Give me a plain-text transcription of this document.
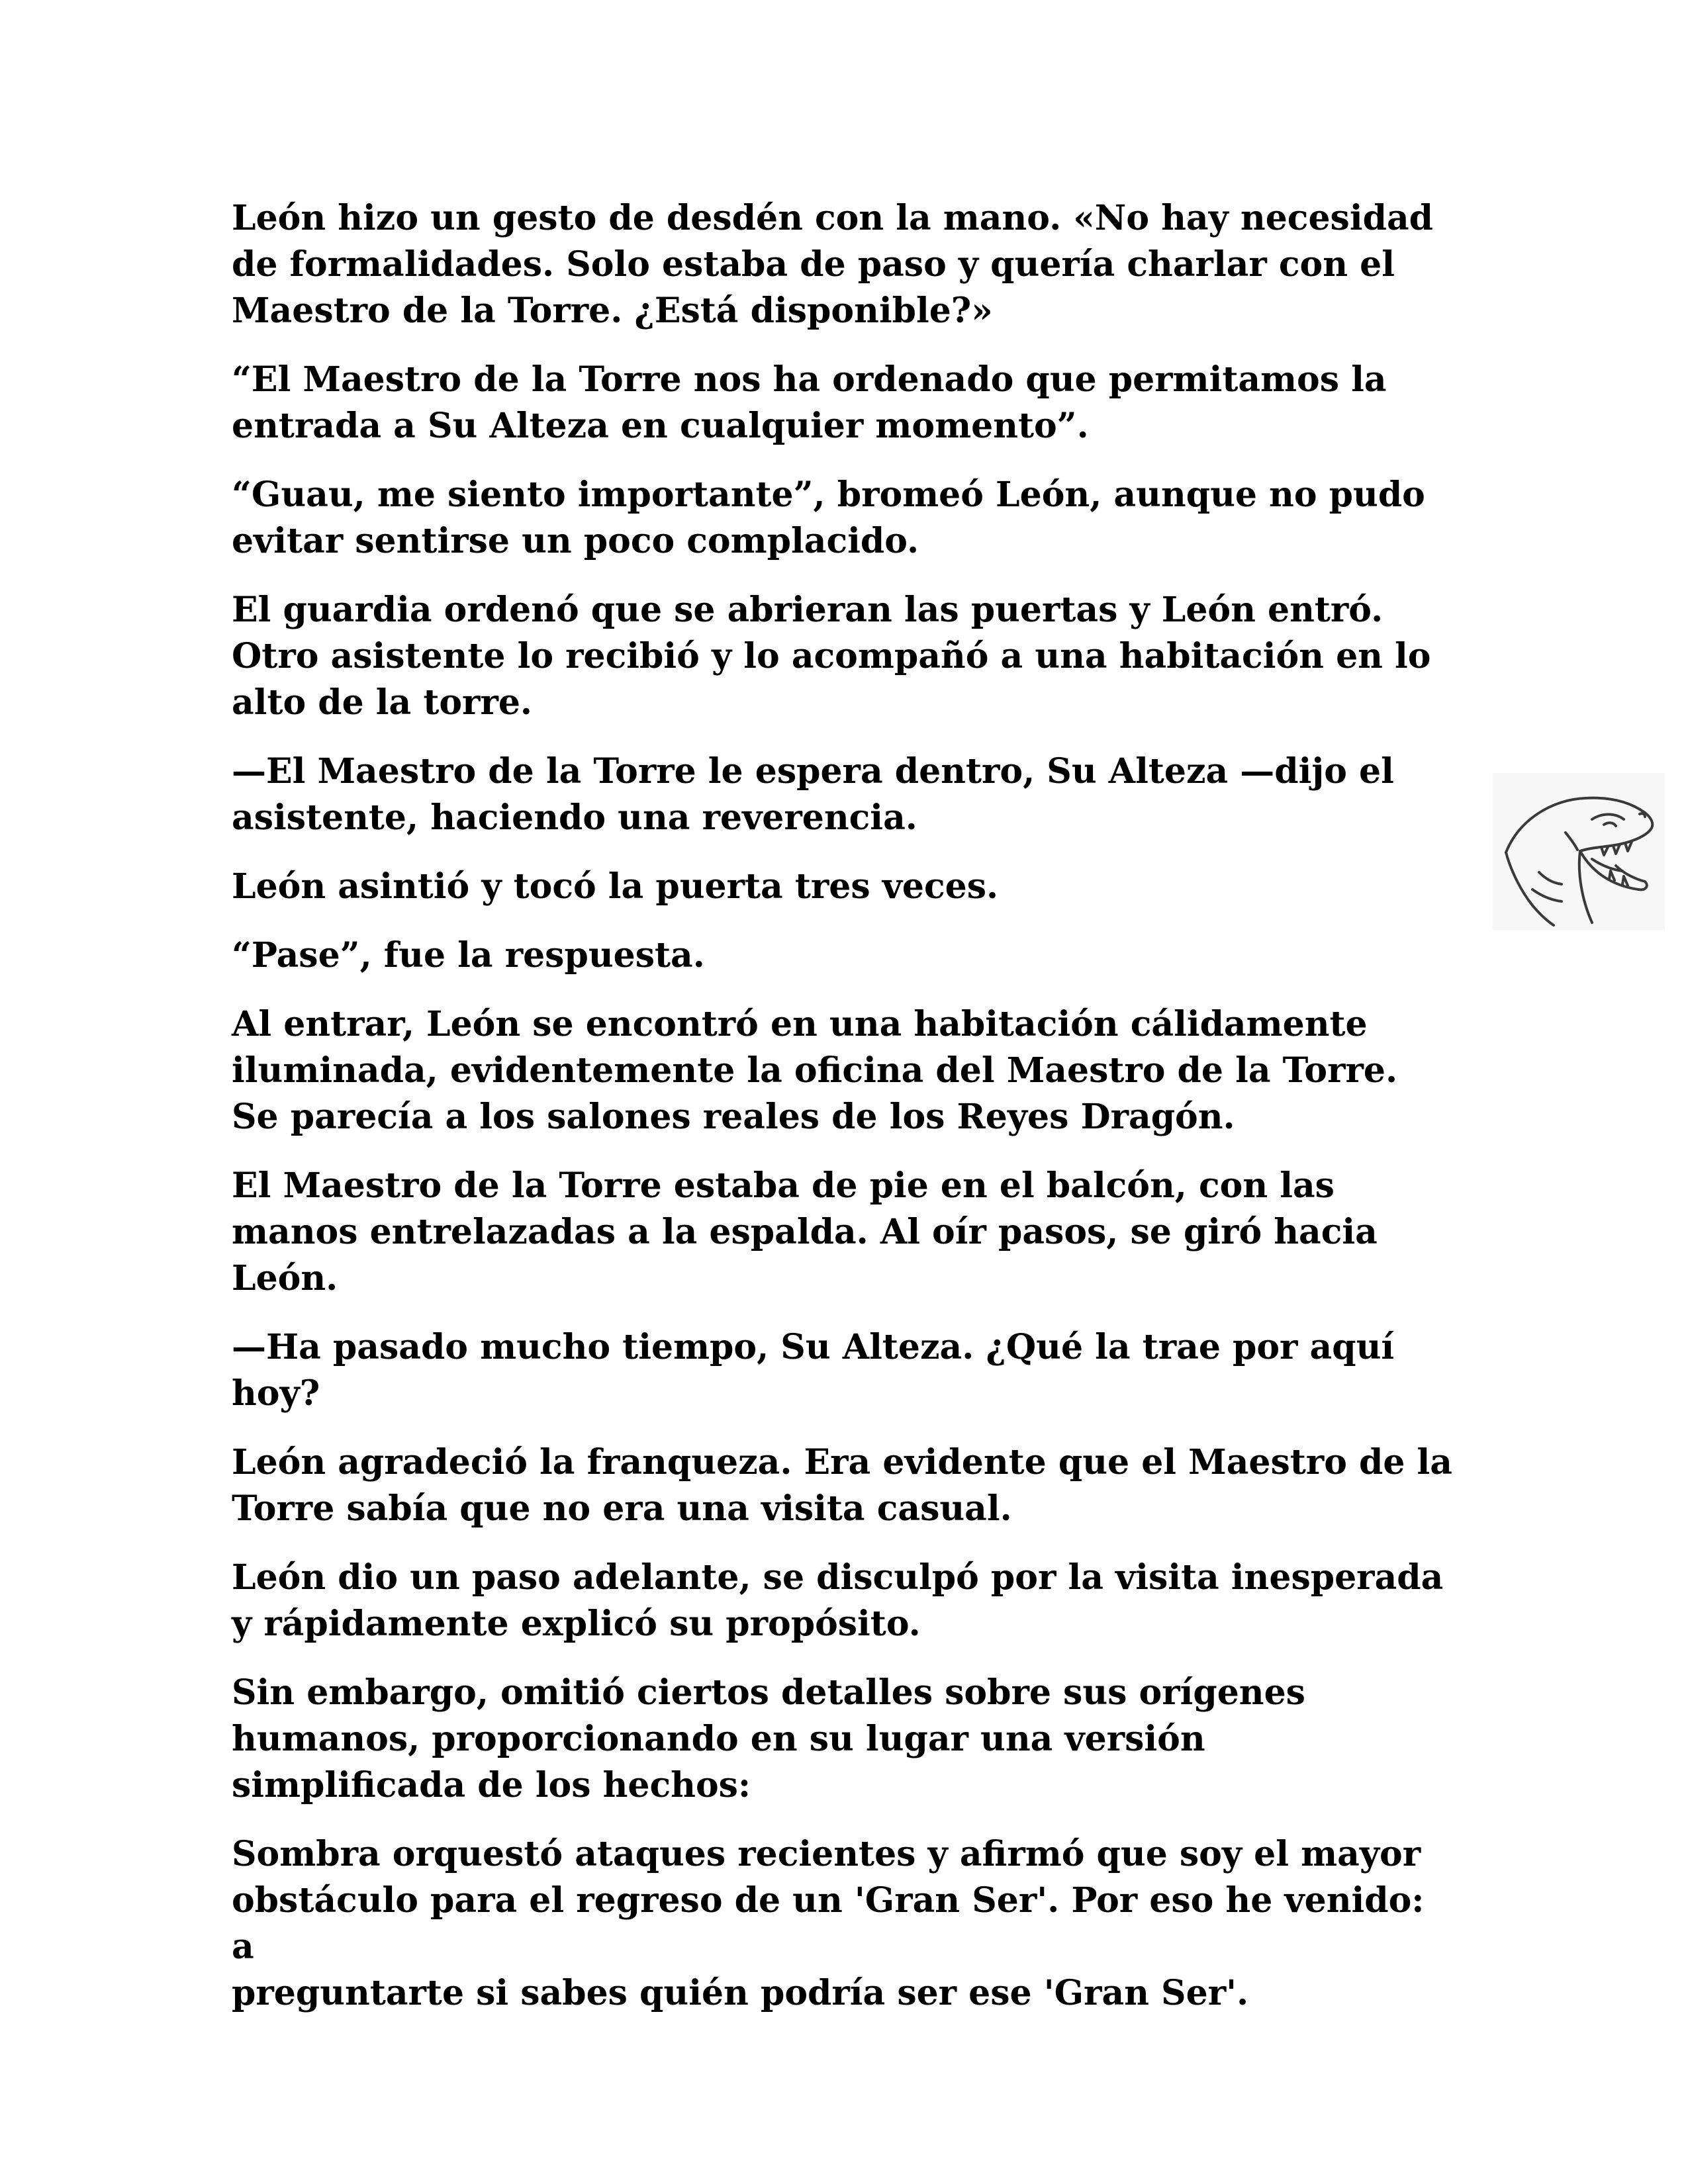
León hizo un gesto de desdén con la mano. «No hay necesidad
de formalidades. Solo estaba de paso y quería charlar con el
Maestro de la Torre. ¿Está disponible?»

“El Maestro de la Torre nos ha ordenado que permitamos la
entrada a Su Alteza en cualquier momento”.

“Guau, me siento importante”, bromeó León, aunque no pudo
evitar sentirse un poco complacido.

El guardia ordenó que se abrieran las puertas y León entró.
Otro asistente lo recibió y lo acompañó a una habitación en lo
alto de la torre.

—El Maestro de la Torre le espera dentro, Su Alteza —dijo el
asistente, haciendo una reverencia.

León asintió y tocó la puerta tres veces.

“Pase”, fue la respuesta.

Al entrar, León se encontró en una habitación cálidamente
iluminada, evidentemente la oficina del Maestro de la Torre.
Se parecía a los salones reales de los Reyes Dragón.

El Maestro de la Torre estaba de pie en el balcón, con las
manos entrelazadas a la espalda. Al oír pasos, se giró hacia
León.

—Ha pasado mucho tiempo, Su Alteza. ¿Qué la trae por aquí
hoy?

León agradeció la franqueza. Era evidente que el Maestro de la
Torre sabía que no era una visita casual.

León dio un paso adelante, se disculpó por la visita inesperada
y rápidamente explicó su propósito.

Sin embargo, omitió ciertos detalles sobre sus orígenes
humanos, proporcionando en su lugar una versión
simplificada de los hechos:

Sombra orquestó ataques recientes y afirmó que soy el mayor
obstáculo para el regreso de un 'Gran Ser'. Por eso he venido: a
preguntarte si sabes quién podría ser ese 'Gran Ser'.
